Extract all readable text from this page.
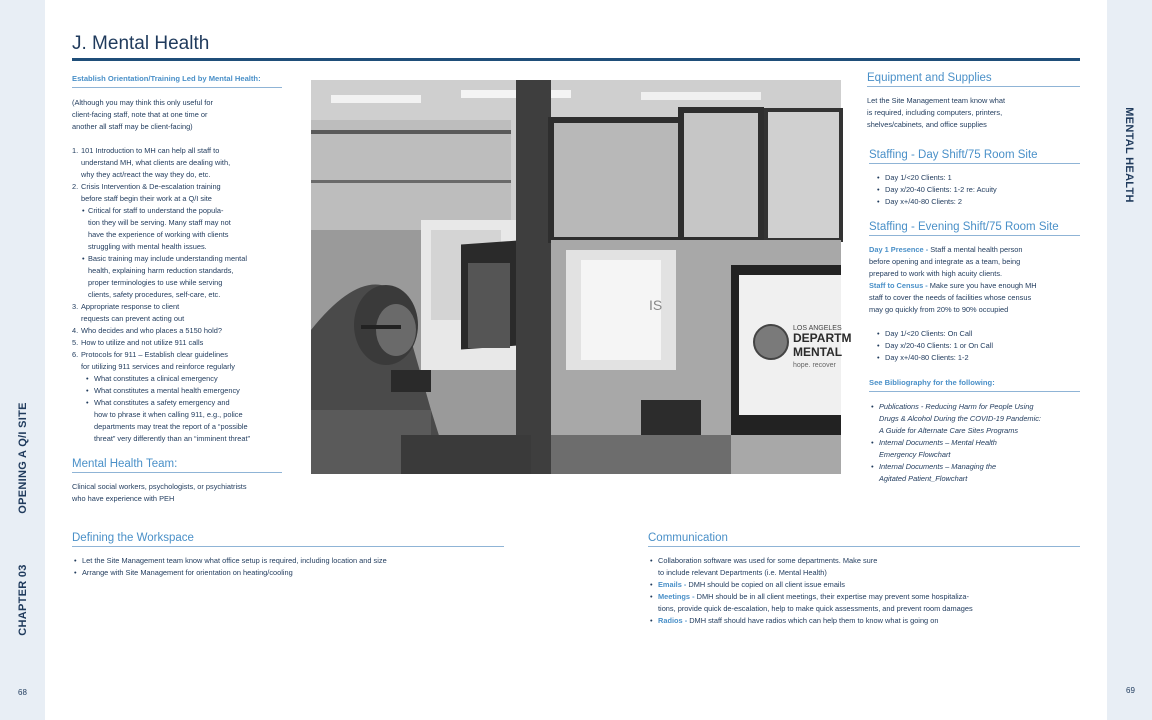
CHAPTER 03
OPENING A Q/I SITE
MENTAL HEALTH
68	69
J. Mental Health
Establish Orientation/Training Led by Mental Health:

(Although you may think this only useful for

client-facing staff, note that at one time or

another all staff may be client-facing)

1. 101 Introduction to MH can help all staff to

understand MH, what clients are dealing with,

why they act/react the way they do, etc.

2. Crisis Intervention & De-escalation training

before staff begin their work at a Q/I site

• Critical for staff to understand the popula-

tion they will be serving. Many staff may not

have the experience of working with clients

struggling with mental health issues.

• Basic training may include understanding mental

health, explaining harm reduction standards,

proper terminologies to use while serving

clients, safety procedures, self-care, etc.

3. Appropriate response to client

requests can prevent acting out

4. Who decides and who places a 5150 hold?

5. How to utilize and not utilize 911 calls

6. Protocols for 911 – Establish clear guidelines

for utilizing 911 services and reinforce regularly

• What constitutes a clinical emergency

• What constitutes a mental health emergency

• What constitutes a safety emergency and

how to phrase it when calling 911, e.g., police

departments may treat the report of a “possible

threat” very differently than an “imminent threat”

Mental Health Team:

Clinical social workers, psychologists, or psychiatrists

who have experience with PEH

LOS ANGELES
DEPARTM
MENTAL
hope. recover
IS
Equipment and Supplies

Let the Site Management team know what

is required, including computers, printers,

shelves/cabinets, and office supplies

Staffing - Day Shift/75 Room Site
• Day 1/<20 Clients: 1
• Day x/20-40 Clients: 1-2 re: Acuity
• Day x+/40-80 Clients: 2
Staffing - Evening Shift/75 Room Site

Day 1 Presence - Staff a mental health person

before opening and integrate as a team, being

prepared to work with high acuity clients.

Staff to Census - Make sure you have enough MH

staff to cover the needs of facilities whose census

may go quickly from 20% to 90% occupied

• Day 1/<20 Clients: On Call
• Day x/20-40 Clients: 1 or On Call
• Day x+/40-80 Clients: 1-2
See Bibliography for the following:

• Publications - Reducing Harm for People Using

Drugs & Alcohol During the COVID-19 Pandemic:

A Guide for Alternate Care Sites Programs

• Internal Documents – Mental Health

Emergency Flowchart

• Internal Documents – Managing the

Agitated Patient_Flowchart

Defining the Workspace
• Let the Site Management team know what office setup is required, including location and size
• Arrange with Site Management for orientation on heating/cooling
Communication

• Collaboration software was used for some departments. Make sure

to include relevant Departments (i.e. Mental Health)

• Emails - DMH should be copied on all client issue emails

• Meetings - DMH should be in all client meetings, their expertise may prevent some hospitaliza-

tions, provide quick de-escalation, help to make quick assessments, and prevent room damages

• Radios - DMH staff should have radios which can help them to know what is going on
